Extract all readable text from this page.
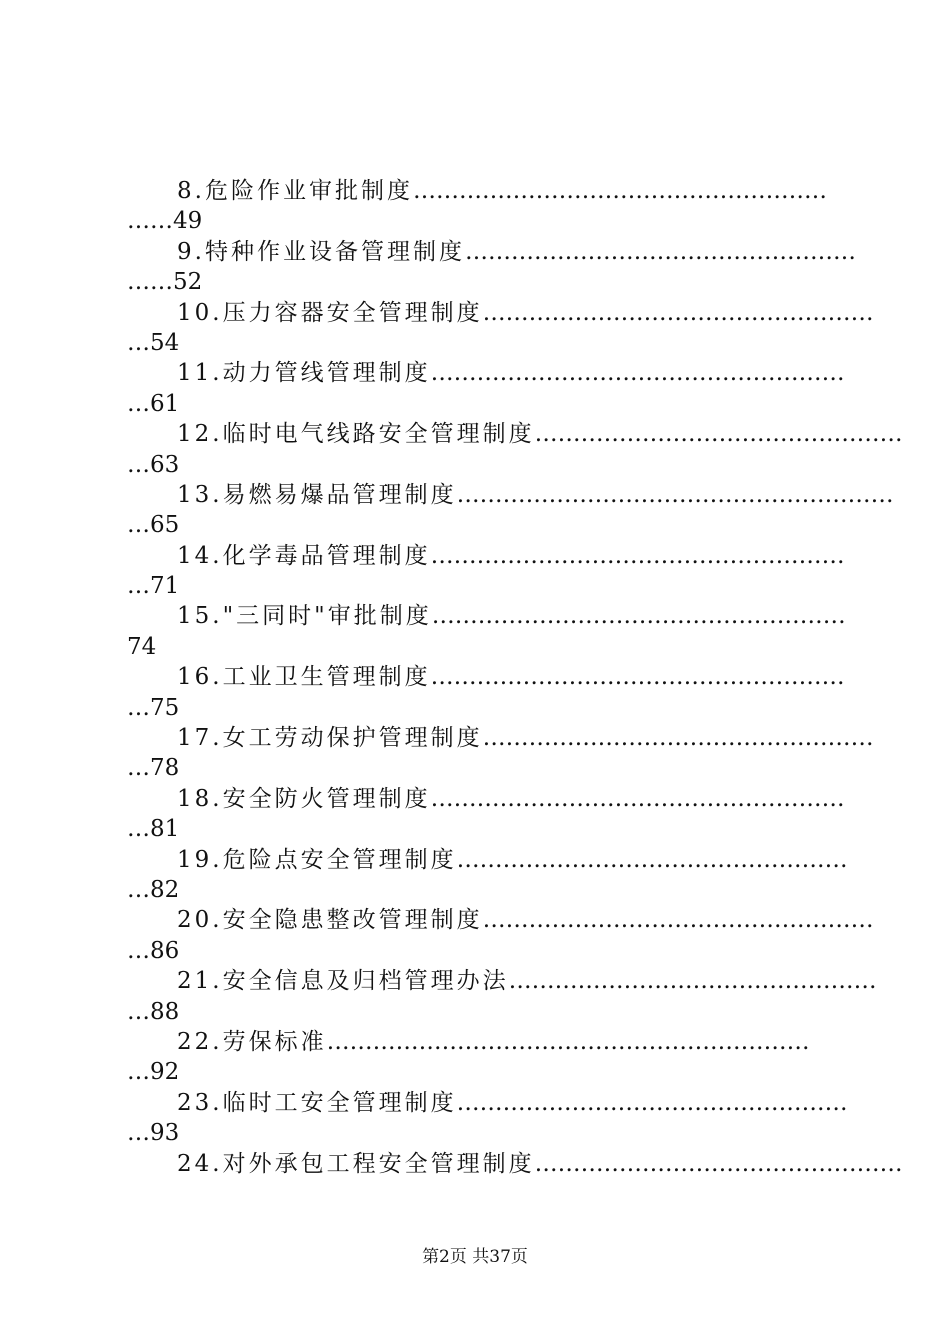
8.危险作业审批制度………………………………………………
……49
9.特种作业设备管理制度……………………………………………
……52
10.压力容器安全管理制度……………………………………………
…54
11.动力管线管理制度………………………………………………
…61
12.临时电气线路安全管理制度…………………………………………
…63
13.易燃易爆品管理制度…………………………………………………
…65
14.化学毒品管理制度………………………………………………
…71
15."三同时"审批制度………………………………………………
74
16.工业卫生管理制度………………………………………………
…75
17.女工劳动保护管理制度……………………………………………
…78
18.安全防火管理制度………………………………………………
…81
19.危险点安全管理制度……………………………………………
…82
20.安全隐患整改管理制度……………………………………………
…86
21.安全信息及归档管理办法…………………………………………
…88
22.劳保标准………………………………………………………
…92
23.临时工安全管理制度……………………………………………
…93
24.对外承包工程安全管理制度…………………………………………
第2页 共37页
